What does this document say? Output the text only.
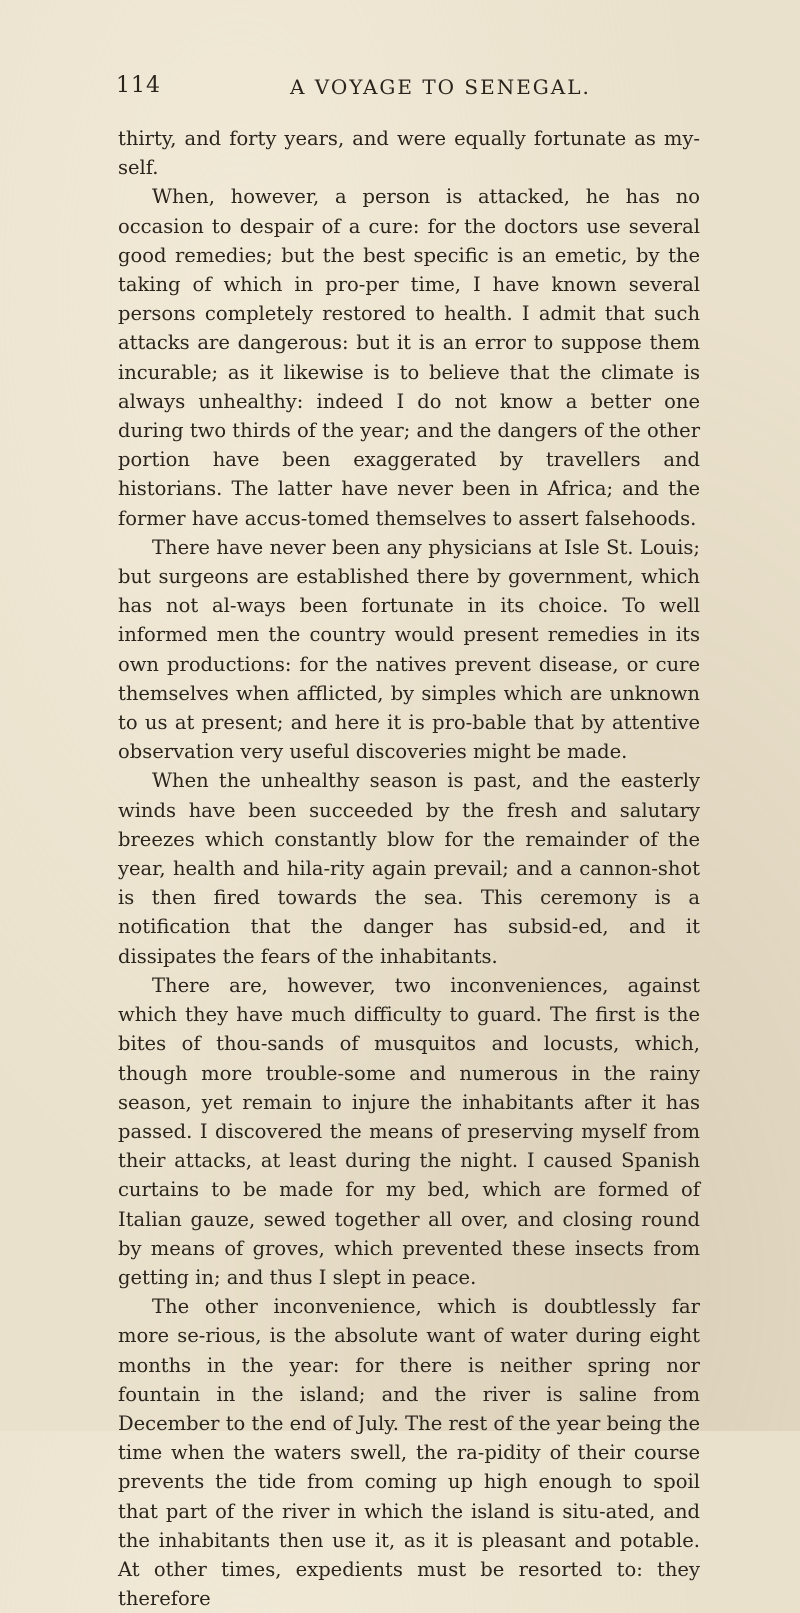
114	A VOYAGE TO SENEGAL.

thirty, and forty years, and were equally fortunate as my-self.

When, however, a person is attacked, he has no occasion to despair of a cure: for the doctors use several good remedies; but the best specific is an emetic, by the taking of which in pro-per time, I have known several persons completely restored to health. I admit that such attacks are dangerous: but it is an error to suppose them incurable; as it likewise is to believe that the climate is always unhealthy: indeed I do not know a better one during two thirds of the year; and the dangers of the other portion have been exaggerated by travellers and historians. The latter have never been in Africa; and the former have accus-tomed themselves to assert falsehoods.

There have never been any physicians at Isle St. Louis; but surgeons are established there by government, which has not al-ways been fortunate in its choice. To well informed men the country would present remedies in its own productions: for the natives prevent disease, or cure themselves when afflicted, by simples which are unknown to us at present; and here it is pro-bable that by attentive observation very useful discoveries might be made.

When the unhealthy season is past, and the easterly winds have been succeeded by the fresh and salutary breezes which constantly blow for the remainder of the year, health and hila-rity again prevail; and a cannon-shot is then fired towards the sea. This ceremony is a notification that the danger has subsid-ed, and it dissipates the fears of the inhabitants.

There are, however, two inconveniences, against which they have much difficulty to guard. The first is the bites of thou-sands of musquitos and locusts, which, though more trouble-some and numerous in the rainy season, yet remain to injure the inhabitants after it has passed. I discovered the means of preserving myself from their attacks, at least during the night. I caused Spanish curtains to be made for my bed, which are formed of Italian gauze, sewed together all over, and closing round by means of groves, which prevented these insects from getting in; and thus I slept in peace.

The other inconvenience, which is doubtlessly far more se-rious, is the absolute want of water during eight months in the year: for there is neither spring nor fountain in the island; and the river is saline from December to the end of July. The rest of the year being the time when the waters swell, the ra-pidity of their course prevents the tide from coming up high enough to spoil that part of the river in which the island is situ-ated, and the inhabitants then use it, as it is pleasant and potable. At other times, expedients must be resorted to: they therefore
